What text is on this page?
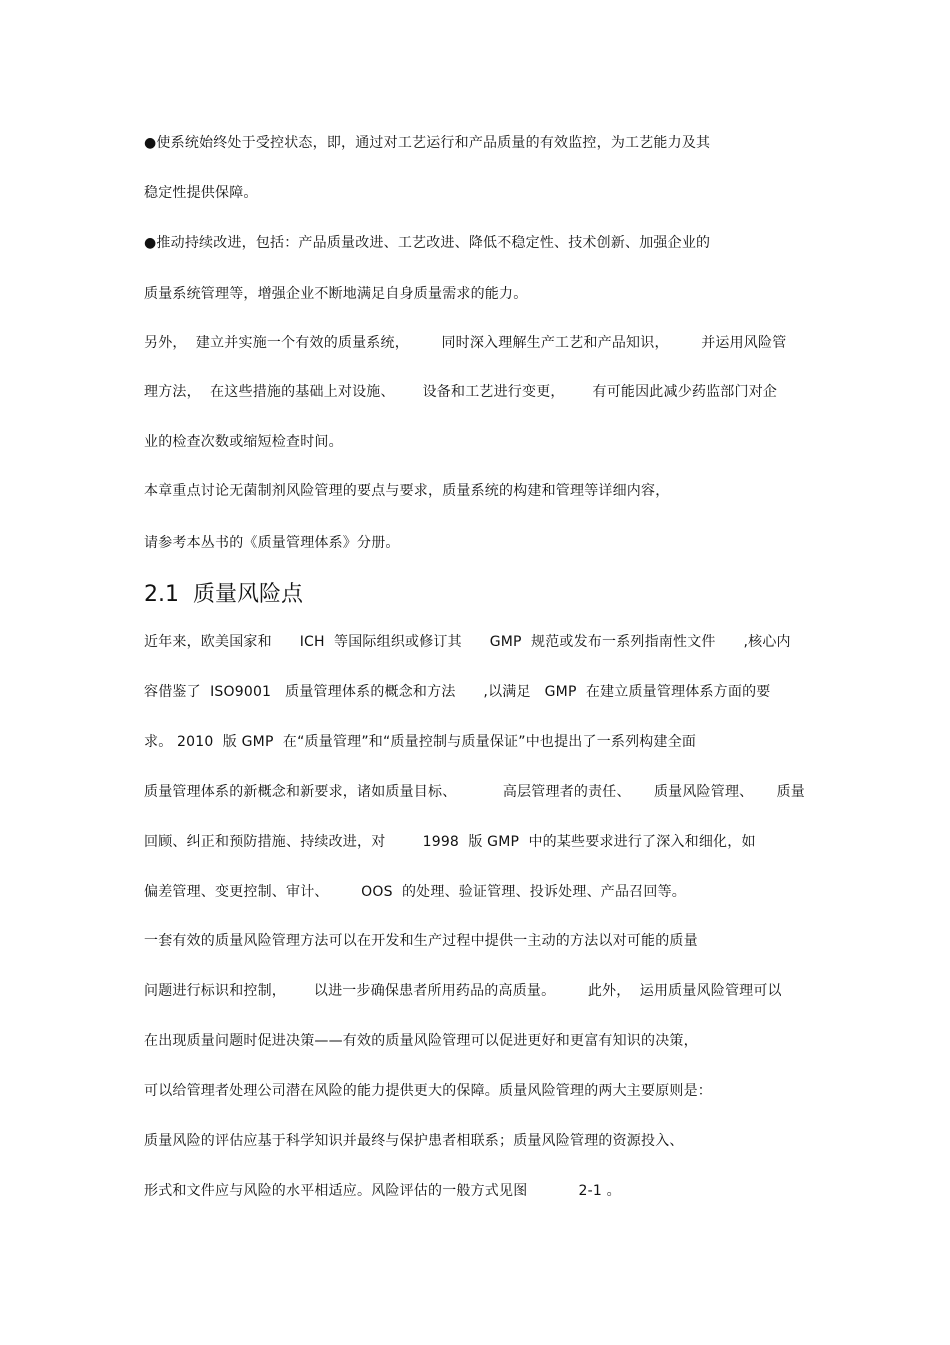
●使系统始终处于受控状态，即，通过对工艺运行和产品质量的有效监控，为工艺能力及其
稳定性提供保障。
●推动持续改进，包括：产品质量改进、工艺改进、降低不稳定性、技术创新、加强企业的
质量系统管理等，增强企业不断地满足自身质量需求的能力。
另外，  建立并实施一个有效的质量系统，       同时深入理解生产工艺和产品知识，       并运用风险管
理方法，  在这些措施的基础上对设施、      设备和工艺进行变更，      有可能因此减少药监部门对企
业的检查次数或缩短检查时间。
本章重点讨论无菌制剂风险管理的要点与要求，质量系统的构建和管理等详细内容，
请参考本丛书的《质量管理体系》分册。
2.1  质量风险点
近年来，欧美国家和      ICH  等国际组织或修订其      GMP  规范或发布一系列指南性文件      ,核心内
容借鉴了  ISO9001   质量管理体系的概念和方法      ,以满足   GMP  在建立质量管理体系方面的要
求。 2010  版 GMP  在“质量管理”和“质量控制与质量保证”中也提出了一系列构建全面
质量管理体系的新概念和新要求，诸如质量目标、          高层管理者的责任、     质量风险管理、     质量
回顾、纠正和预防措施、持续改进，对        1998  版 GMP  中的某些要求进行了深入和细化，如
偏差管理、变更控制、审计、       OOS  的处理、验证管理、投诉处理、产品召回等。
一套有效的质量风险管理方法可以在开发和生产过程中提供一主动的方法以对可能的质量
问题进行标识和控制，      以进一步确保患者所用药品的高质量。       此外，  运用质量风险管理可以
在出现质量问题时促进决策——有效的质量风险管理可以促进更好和更富有知识的决策，
可以给管理者处理公司潜在风险的能力提供更大的保障。质量风险管理的两大主要原则是：
质量风险的评估应基于科学知识并最终与保护患者相联系；质量风险管理的资源投入、
形式和文件应与风险的水平相适应。风险评估的一般方式见图           2-1 。
